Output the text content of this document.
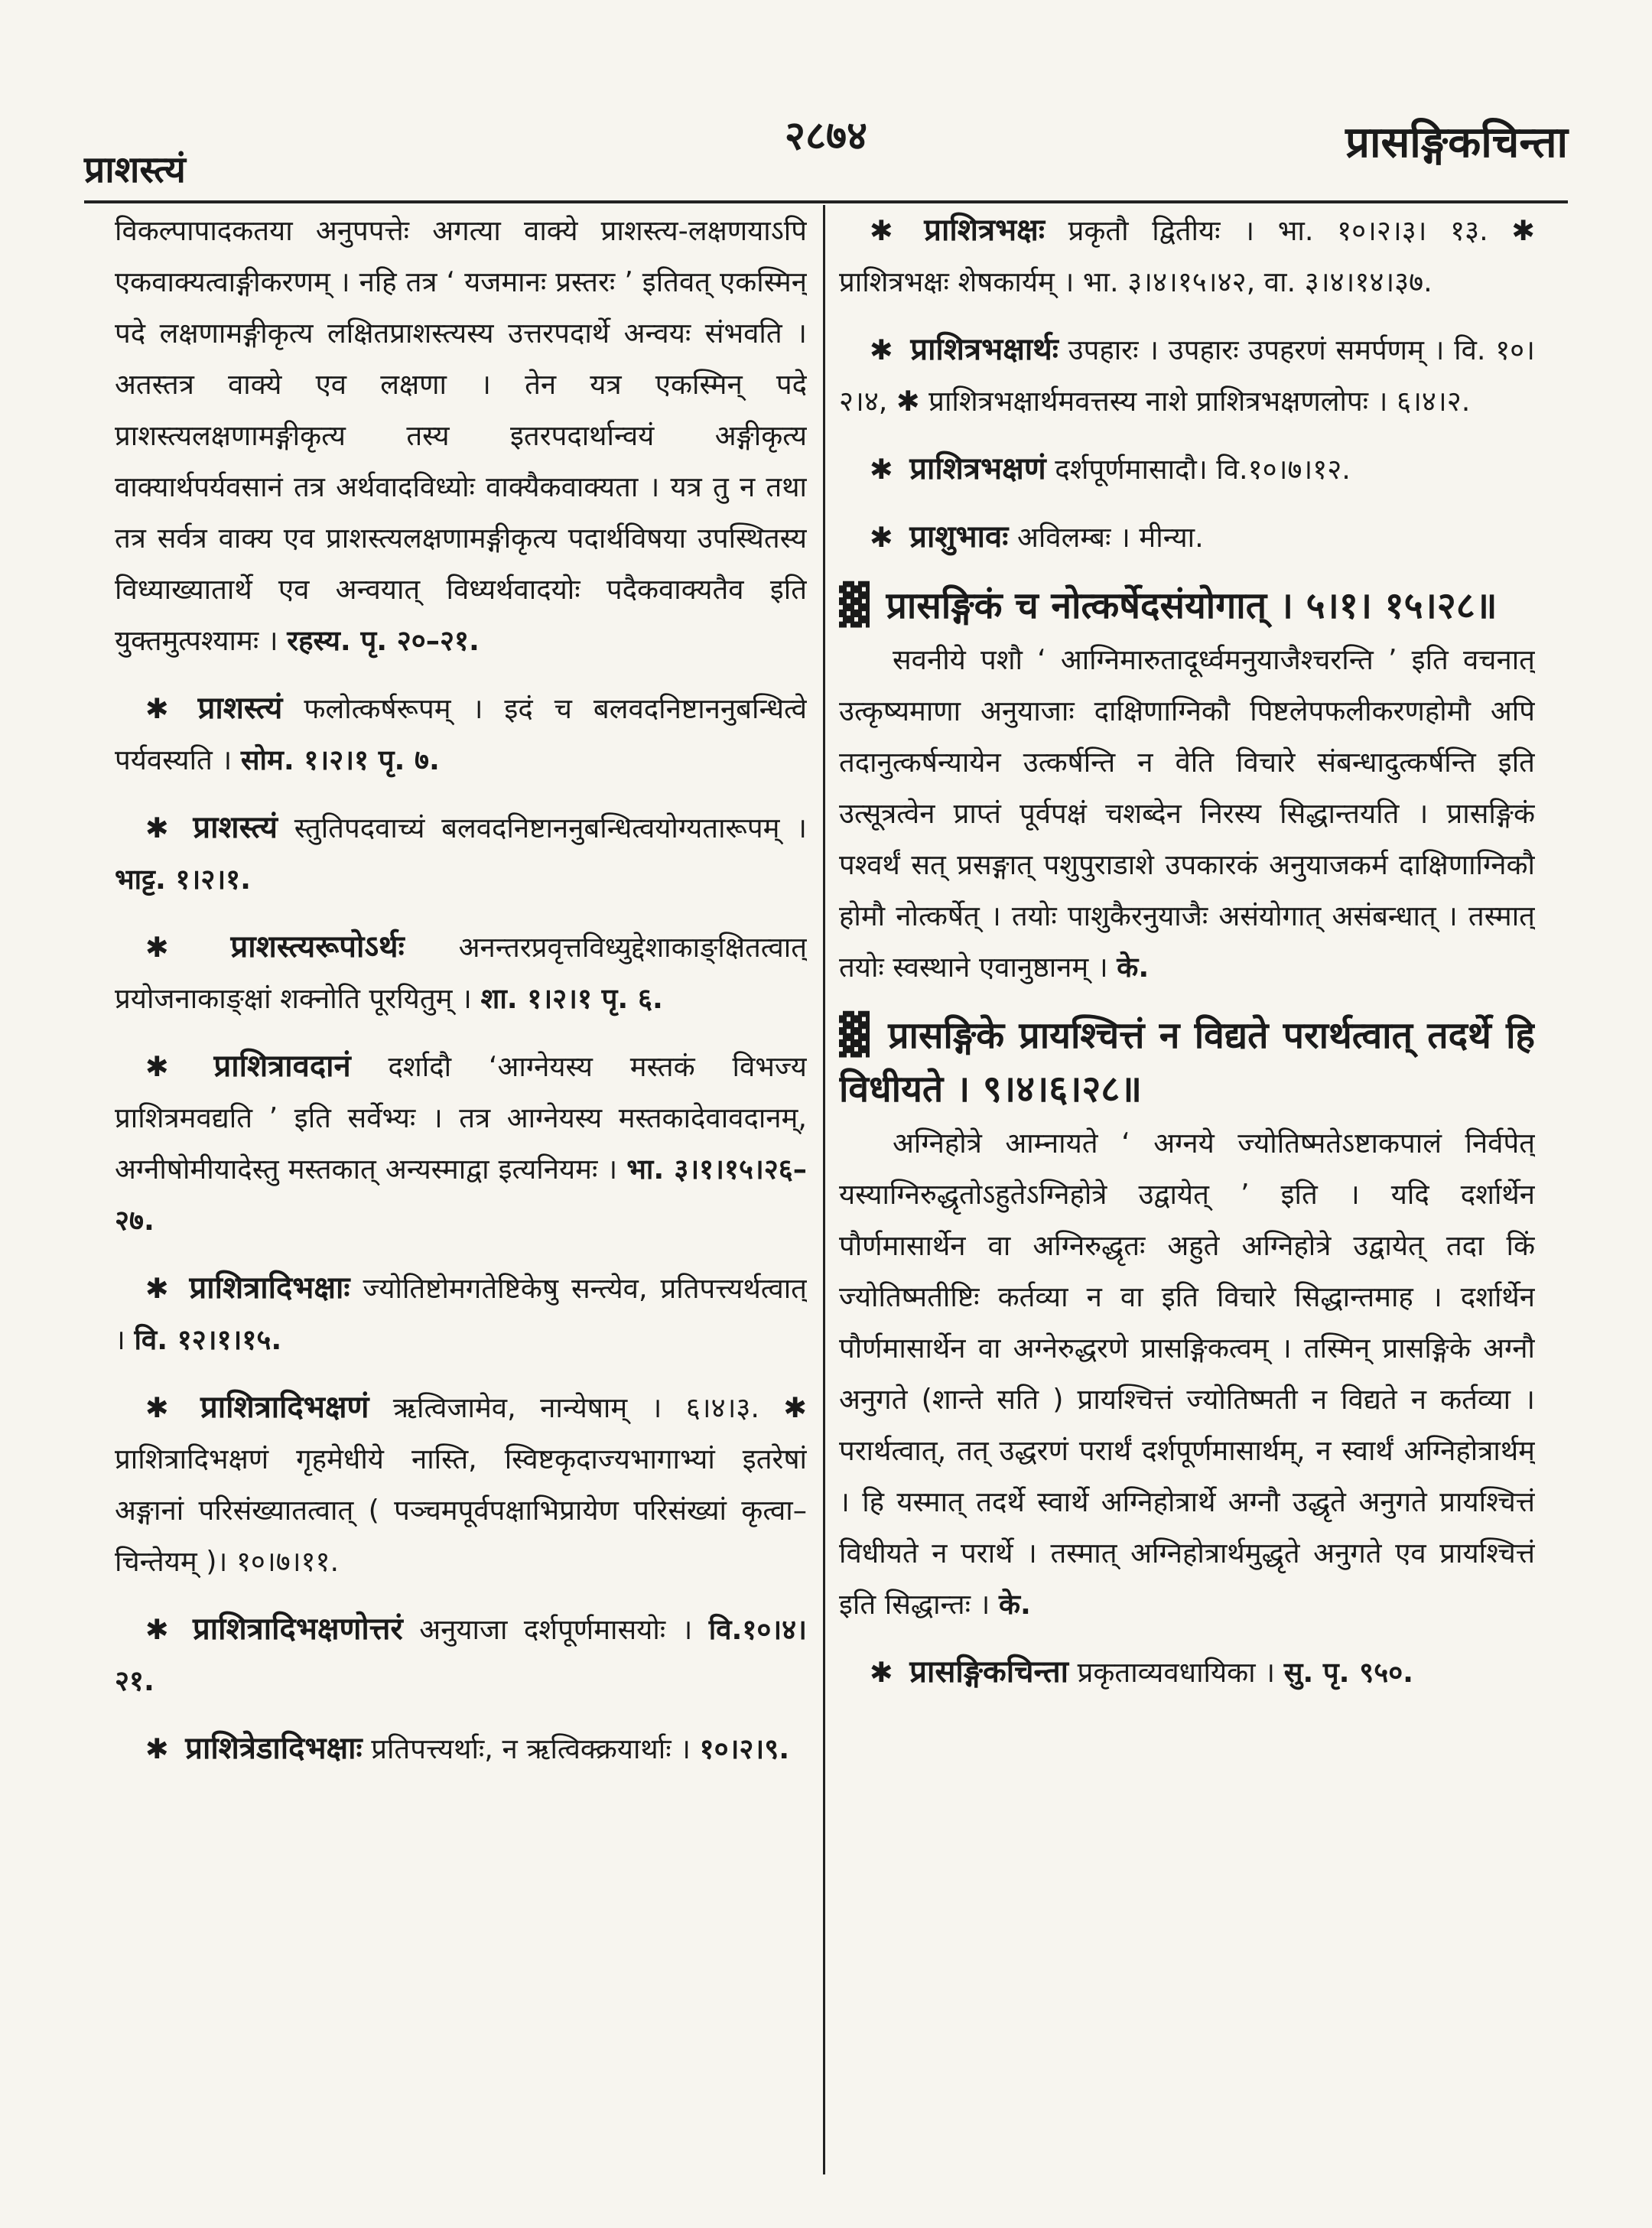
प्राशस्त्यं
२८७४	प्रासङ्गिकचिन्ता

विकल्पापादकतया अनुपपत्तेः अगत्या वाक्ये प्राशस्त्य-लक्षणयाऽपि एकवाक्यत्वाङ्गीकरणम् । नहि तत्र ‘ यजमानः प्रस्तरः ’ इतिवत् एकस्मिन् पदे लक्षणामङ्गीकृत्य लक्षितप्राशस्त्यस्य उत्तरपदार्थे अन्वयः संभवति । अतस्तत्र वाक्ये एव लक्षणा । तेन यत्र एकस्मिन् पदे प्राशस्त्यलक्षणामङ्गीकृत्य तस्य इतरपदार्थान्वयं अङ्गीकृत्य वाक्यार्थपर्यवसानं तत्र अर्थवादविध्योः वाक्यैकवाक्यता । यत्र तु न तथा तत्र सर्वत्र वाक्य एव प्राशस्त्यलक्षणामङ्गीकृत्य पदार्थविषया उपस्थितस्य विध्याख्यातार्थे एव अन्वयात् विध्यर्थवादयोः पदैकवाक्यतैव इति युक्तमुत्पश्यामः । रहस्य. पृ. २०–२१.

✱ प्राशस्त्यं फलोत्कर्षरूपम् । इदं च बलवदनिष्टाननुबन्धित्वे पर्यवस्यति । सोम. १।२।१ पृ. ७.

✱ प्राशस्त्यं स्तुतिपदवाच्यं बलवदनिष्टाननुबन्धित्वयोग्यतारूपम् । भाट्ट. १।२।१.

✱ प्राशस्त्यरूपोऽर्थः अनन्तरप्रवृत्तविध्युद्देशाकाङ्क्षितत्वात् प्रयोजनाकाङ्क्षां शक्नोति पूरयितुम् । शा. १।२।१ पृ. ६.

✱ प्राशित्रावदानं दर्शादौ ‘आग्नेयस्य मस्तकं विभज्य प्राशित्रमवद्यति ’ इति सर्वेभ्यः । तत्र आग्नेयस्य मस्तकादेवावदानम्, अग्नीषोमीयादेस्तु मस्तकात् अन्यस्माद्वा इत्यनियमः । भा. ३।१।१५।२६–२७.

✱ प्राशित्रादिभक्षाः ज्योतिष्टोमगतेष्टिकेषु सन्त्येव, प्रतिपत्त्यर्थत्वात् । वि. १२।१।१५.

✱ प्राशित्रादिभक्षणं ऋत्विजामेव, नान्येषाम् । ६।४।३. ✱ प्राशित्रादिभक्षणं गृहमेधीये नास्ति, स्विष्टकृदाज्यभागाभ्यां इतरेषां अङ्गानां परिसंख्यातत्वात् ( पञ्चमपूर्वपक्षाभिप्रायेण परिसंख्यां कृत्वा–चिन्तेयम् )। १०।७।११.

✱ प्राशित्रादिभक्षणोत्तरं अनुयाजा दर्शपूर्णमासयोः । वि.१०।४।२१.

✱ प्राशित्रेडादिभक्षाः प्रतिपत्त्यर्थाः, न ऋत्विक्क्रयार्थाः । १०।२।९.

✱ प्राशित्रभक्षः प्रकृतौ द्वितीयः । भा. १०।२।३। १३. ✱ प्राशित्रभक्षः शेषकार्यम् । भा. ३।४।१५।४२, वा. ३।४।१४।३७.

✱ प्राशित्रभक्षार्थः उपहारः । उपहारः उपहरणं समर्पणम् । वि. १०।२।४, ✱ प्राशित्रभक्षार्थमवत्तस्य नाशे प्राशित्रभक्षणलोपः । ६।४।२.

✱ प्राशित्रभक्षणं दर्शपूर्णमासादौ। वि.१०।७।१२.

✱ प्राशुभावः अविलम्बः । मीन्या.

▓ प्रासङ्गिकं च नोत्कर्षेदसंयोगात् । ५।१। १५।२८॥
सवनीये पशौ ‘ आग्निमारुतादूर्ध्वमनुयाजैश्चरन्ति ’ इति वचनात् उत्कृष्यमाणा अनुयाजाः दाक्षिणाग्निकौ पिष्टलेपफलीकरणहोमौ अपि तदानुत्कर्षन्यायेन उत्कर्षन्ति न वेति विचारे संबन्धादुत्कर्षन्ति इति उत्सूत्रत्वेन प्राप्तं पूर्वपक्षं चशब्देन निरस्य सिद्धान्तयति । प्रासङ्गिकं पश्वर्थं सत् प्रसङ्गात् पशुपुराडाशे उपकारकं अनुयाजकर्म दाक्षिणाग्निकौ होमौ नोत्कर्षेत् । तयोः पाशुकैरनुयाजैः असंयोगात् असंबन्धात् । तस्मात् तयोः स्वस्थाने एवानुष्ठानम् । के.

▓ प्रासङ्गिके प्रायश्चित्तं न विद्यते परार्थत्वात् तदर्थे हि विधीयते । ९।४।६।२८॥
अग्निहोत्रे आम्नायते ‘ अग्नये ज्योतिष्मतेऽष्टाकपालं निर्वपेत् यस्याग्निरुद्धृतोऽहुतेऽग्निहोत्रे उद्वायेत् ’ इति । यदि दर्शार्थेन पौर्णमासार्थेन वा अग्निरुद्धृतः अहुते अग्निहोत्रे उद्वायेत् तदा किं ज्योतिष्मतीष्टिः कर्तव्या न वा इति विचारे सिद्धान्तमाह । दर्शार्थेन पौर्णमासार्थेन वा अग्नेरुद्धरणे प्रासङ्गिकत्वम् । तस्मिन् प्रासङ्गिके अग्नौ अनुगते (शान्ते सति ) प्रायश्चित्तं ज्योतिष्मती न विद्यते न कर्तव्या । परार्थत्वात्, तत् उद्धरणं परार्थं दर्शपूर्णमासार्थम्, न स्वार्थं अग्निहोत्रार्थम् । हि यस्मात् तदर्थे स्वार्थे अग्निहोत्रार्थे अग्नौ उद्धृते अनुगते प्रायश्चित्तं विधीयते न परार्थे । तस्मात् अग्निहोत्रार्थमुद्धृते अनुगते एव प्रायश्चित्तं इति सिद्धान्तः । के.

✱ प्रासङ्गिकचिन्ता प्रकृताव्यवधायिका । सु. पृ. ९५०.
